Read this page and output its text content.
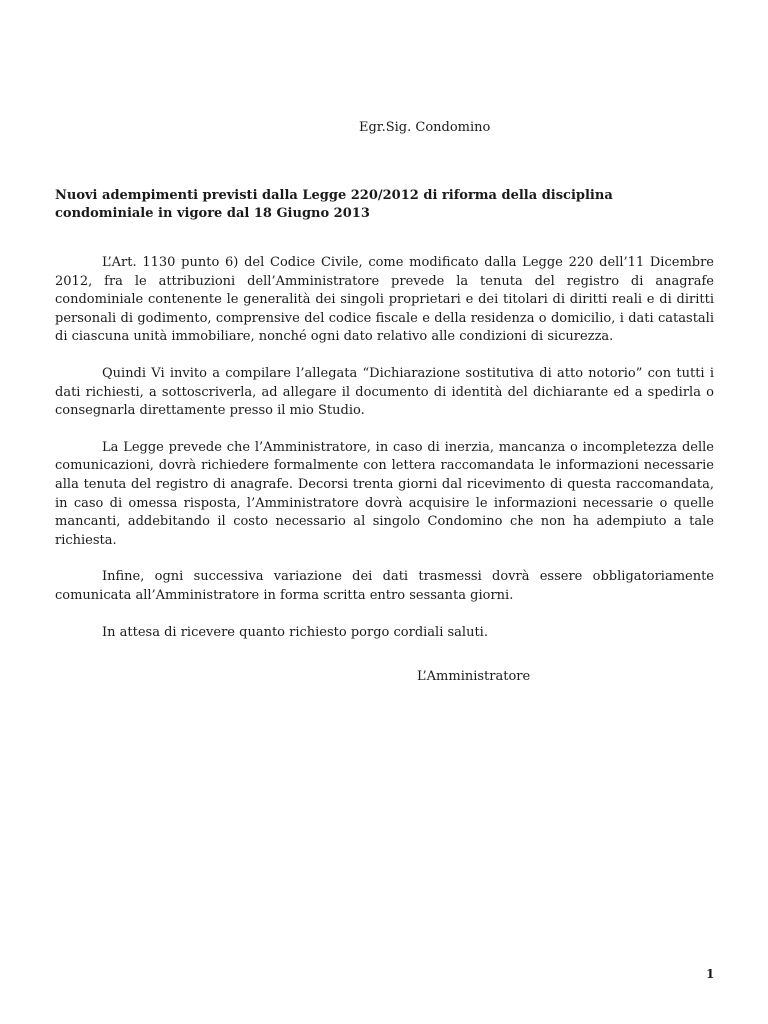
Egr.Sig. Condomino
Nuovi adempimenti previsti dalla Legge 220/2012 di riforma della disciplina
condominiale in vigore dal 18 Giugno 2013

L’Art. 1130 punto 6) del Codice Civile, come modificato dalla Legge 220 dell’11 Dicembre 2012, fra le attribuzioni dell’Amministratore prevede la tenuta del registro di anagrafe condominiale contenente le generalità dei singoli proprietari e dei titolari di diritti reali e di diritti personali di godimento, comprensive del codice fiscale e della residenza o domicilio, i dati catastali di ciascuna unità immobiliare, nonché ogni dato relativo alle condizioni di sicurezza.

Quindi Vi invito a compilare l’allegata “Dichiarazione sostitutiva di atto notorio” con tutti i dati richiesti, a sottoscriverla, ad allegare il documento di identità del dichiarante ed a spedirla o consegnarla direttamente presso il mio Studio.

La Legge prevede che l’Amministratore, in caso di inerzia, mancanza o incompletezza delle comunicazioni, dovrà richiedere formalmente con lettera raccomandata le informazioni necessarie alla tenuta del registro di anagrafe. Decorsi trenta giorni dal ricevimento di questa raccomandata, in caso di omessa risposta, l’Amministratore dovrà acquisire le informazioni necessarie o quelle mancanti, addebitando il costo necessario al singolo Condomino che non ha adempiuto a tale richiesta.

Infine, ogni successiva variazione dei dati trasmessi dovrà essere obbligatoriamente comunicata all’Amministratore in forma scritta entro sessanta giorni.

In attesa di ricevere quanto richiesto porgo cordiali saluti.

L’Amministratore
1
